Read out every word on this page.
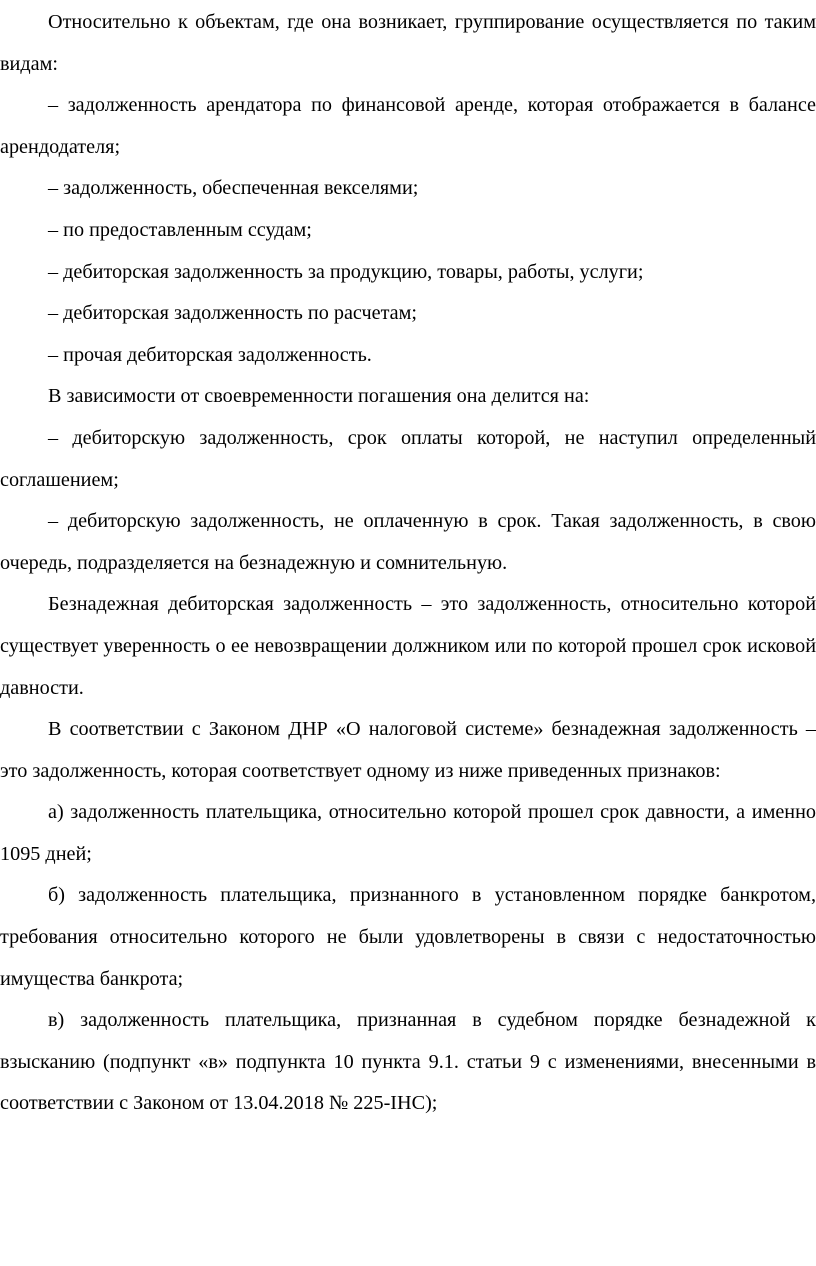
Относительно к объектам, где она возникает, группирование осуществляется по таким видам:

– задолженность арендатора по финансовой аренде, которая отображается в балансе арендодателя;

– задолженность, обеспеченная векселями;

– по предоставленным ссудам;

– дебиторская задолженность за продукцию, товары, работы, услуги;

– дебиторская задолженность по расчетам;

– прочая дебиторская задолженность.

В зависимости от своевременности погашения она делится на:

– дебиторскую задолженность, срок оплаты которой, не наступил определенный соглашением;

– дебиторскую задолженность, не оплаченную в срок. Такая задолженность, в свою очередь, подразделяется на безнадежную и сомнительную.

Безнадежная дебиторская задолженность – это задолженность, относительно которой существует уверенность о ее невозвращении должником или по которой прошел срок исковой давности.

В соответствии с Законом ДНР «О налоговой системе» безнадежная задолженность – это задолженность, которая соответствует одному из ниже приведенных признаков:

а) задолженность плательщика, относительно которой прошел срок давности, а именно 1095 дней;

б) задолженность плательщика, признанного в установленном порядке банкротом, требования относительно которого не были удовлетворены в связи с недостаточностью имущества банкрота;

в) задолженность плательщика, признанная в судебном порядке безнадежной к взысканию (подпункт «в» подпункта 10 пункта 9.1. статьи 9 с изменениями, внесенными в соответствии с Законом от 13.04.2018 № 225-IНС);
